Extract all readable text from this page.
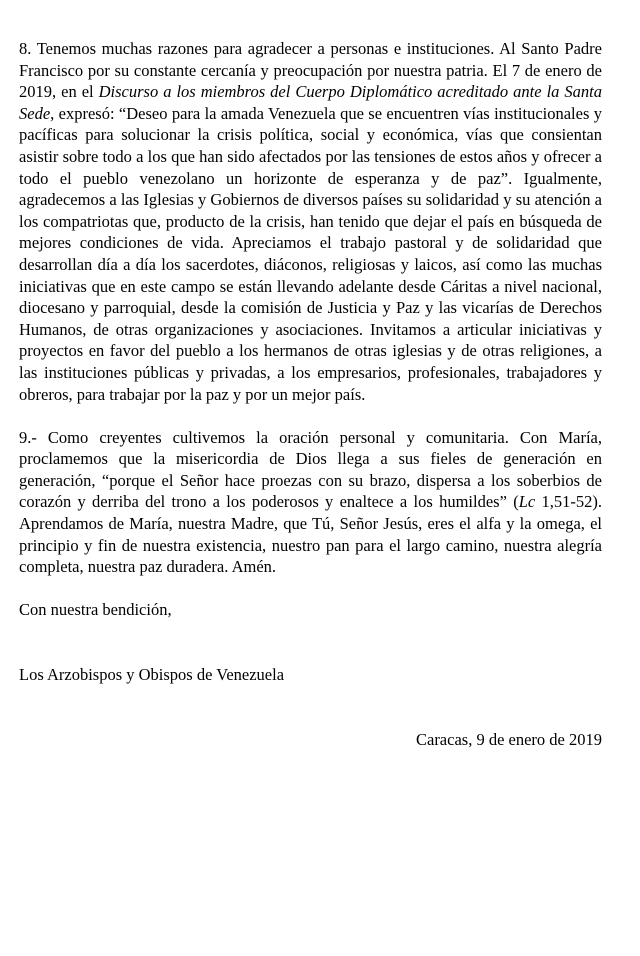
8. Tenemos muchas razones para agradecer a personas e instituciones. Al Santo Padre Francisco por su constante cercanía y preocupación por nuestra patria. El 7 de enero de 2019, en el Discurso a los miembros del Cuerpo Diplomático acreditado ante la Santa Sede, expresó: “Deseo para la amada Venezuela que se encuentren vías institucionales y pacíficas para solucionar la crisis política, social y económica, vías que consientan asistir sobre todo a los que han sido afectados por las tensiones de estos años y ofrecer a todo el pueblo venezolano un horizonte de esperanza y de paz”. Igualmente, agradecemos a las Iglesias y Gobiernos de diversos países su solidaridad y su atención a los compatriotas que, producto de la crisis, han tenido que dejar el país en búsqueda de mejores condiciones de vida. Apreciamos el trabajo pastoral y de solidaridad que desarrollan día a día los sacerdotes, diáconos, religiosas y laicos, así como las muchas iniciativas que en este campo se están llevando adelante desde Cáritas a nivel nacional, diocesano y parroquial, desde la comisión de Justicia y Paz y las vicarías de Derechos Humanos, de otras organizaciones y asociaciones. Invitamos a articular iniciativas y proyectos en favor del pueblo a los hermanos de otras iglesias y de otras religiones, a las instituciones públicas y privadas, a los empresarios, profesionales, trabajadores y obreros, para trabajar por la paz y por un mejor país.

9.- Como creyentes cultivemos la oración personal y comunitaria. Con María, proclamemos que la misericordia de Dios llega a sus fieles de generación en generación, “porque el Señor hace proezas con su brazo, dispersa a los soberbios de corazón y derriba del trono a los poderosos y enaltece a los humildes” (Lc 1,51-52). Aprendamos de María, nuestra Madre, que Tú, Señor Jesús, eres el alfa y la omega, el principio y fin de nuestra existencia, nuestro pan para el largo camino, nuestra alegría completa, nuestra paz duradera. Amén.

Con nuestra bendición,

Los Arzobispos y Obispos de Venezuela

Caracas, 9 de enero de 2019
